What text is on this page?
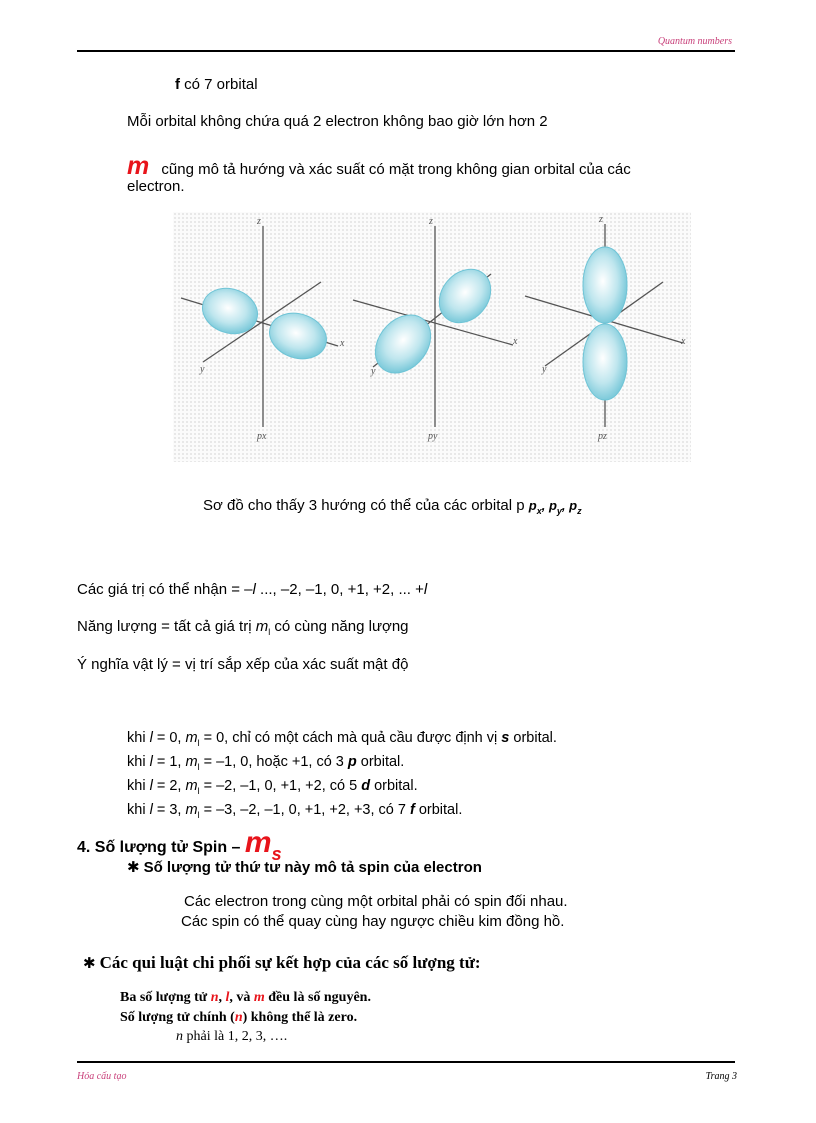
Quantum numbers
f có 7 orbital
Mỗi orbital không chứa quá 2 electron không bao giờ lớn hơn 2
m cũng mô tả hướng và xác suất có mặt trong không gian orbital của các
electron.
z
x
y
px
z
x
y
py
z
x
y
pz
Sơ đồ cho thấy 3 hướng có thể của các orbital p $p_x$, $p_y$, $p_z$
Các giá trị có thể nhận = –l ..., –2, –1, 0, +1, +2, ... +l
Năng lượng = tất cả giá trị $m_l$ có cùng năng lượng
Ý nghĩa vật lý = vị trí sắp xếp của xác suất mật độ
khi l = 0, $m_l = 0$, chỉ có một cách mà quả cầu được định vị s orbital.
khi l = 1, $m_l = -1$, 0, hoặc +1, có 3 p orbital.
khi l = 2, $m_l = -2$, –1, 0, +1, +2, có 5 d orbital.
khi l = 3, $m_l = -3$, –2, –1, 0, +1, +2, +3, có 7 f orbital.
4. Số lượng tử Spin – $m_s$
✱ Số lượng tử thứ tư này mô tả spin của electron
Các electron trong cùng một orbital phải có spin đối nhau.
Các spin có thể quay cùng hay ngược chiều kim đồng hồ.
✱ Các qui luật chi phối sự kết hợp của các số lượng tử:
Ba số lượng tử n, l, và m đều là số nguyên.
Số lượng tử chính (n) không thể là zero.
n phải là 1, 2, 3, ….
Hóa cấu tạo	Trang 3
